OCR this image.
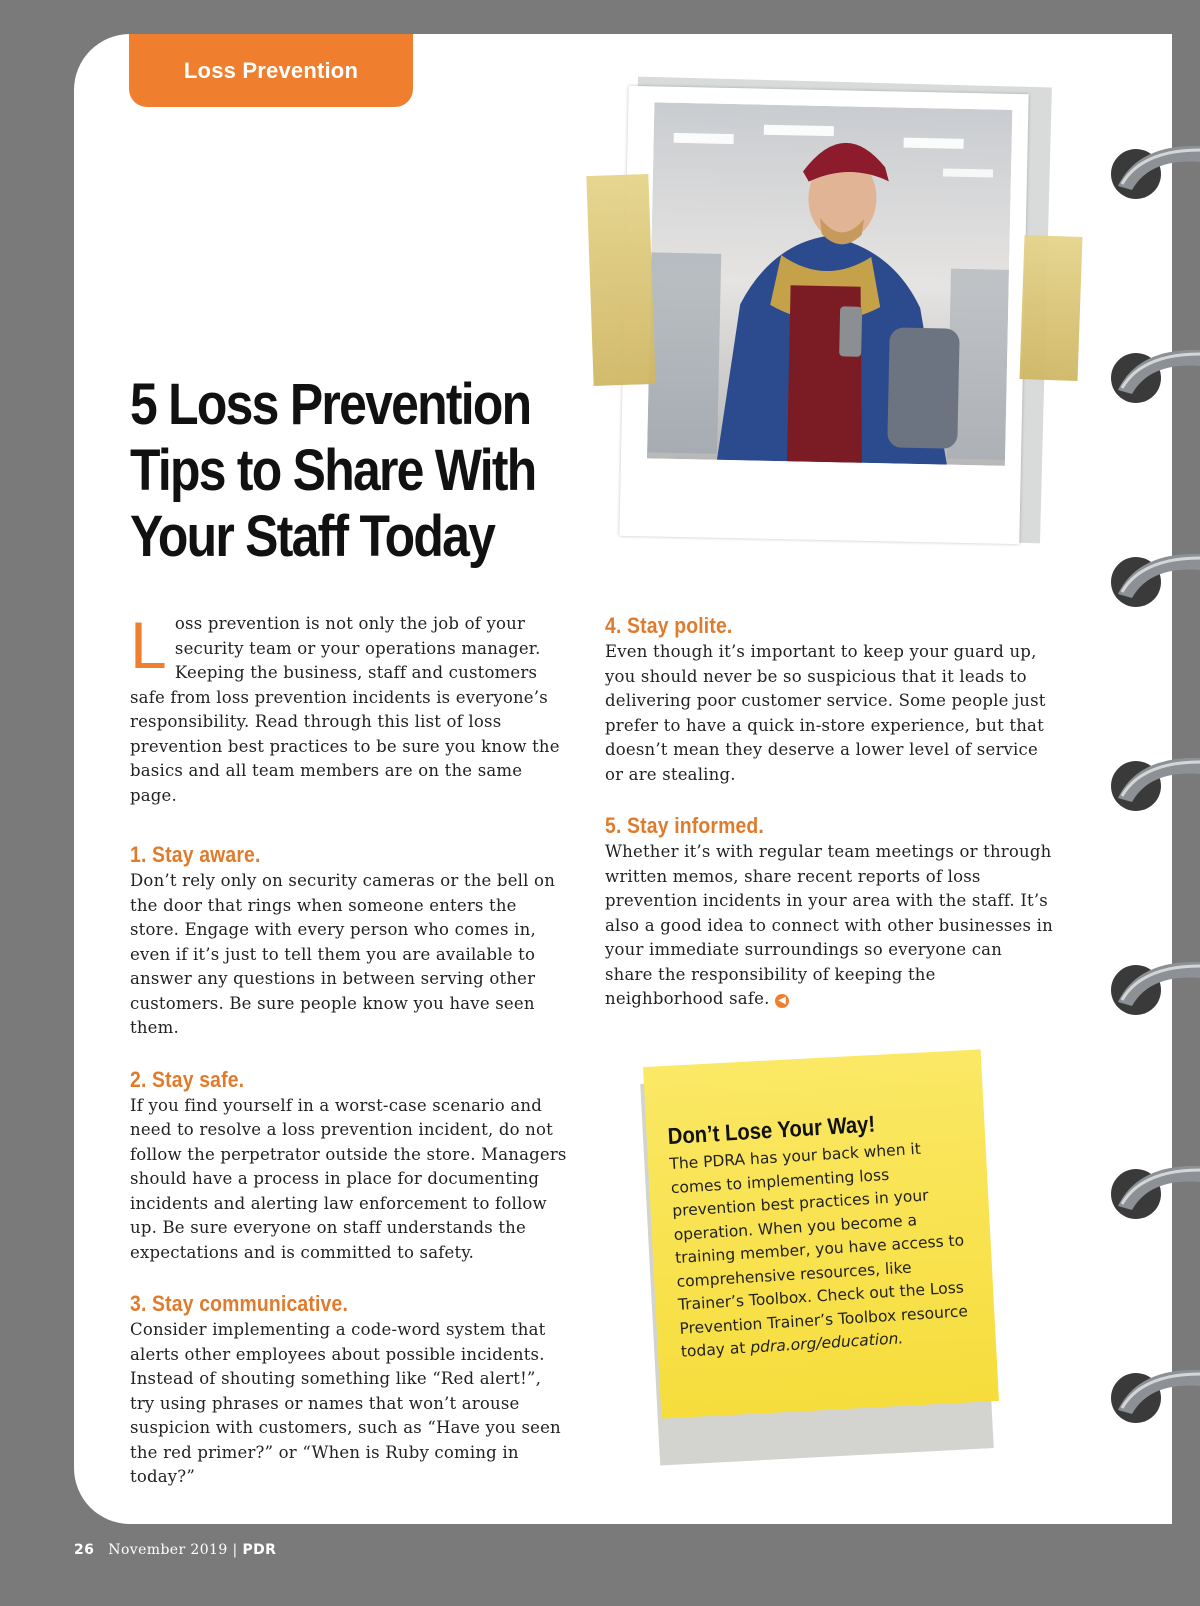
Loss Prevention
5 Loss Prevention Tips to Share With Your Staff Today

Loss prevention is not only the job of your security team or your operations manager. Keeping the business, staff and customers safe from loss prevention incidents is everyone’s responsibility. Read through this list of loss prevention best practices to be sure you know the basics and all team members are on the same page.

1. Stay aware.

Don’t rely only on security cameras or the bell on the door that rings when someone enters the store. Engage with every person who comes in, even if it’s just to tell them you are available to answer any questions in between serving other customers. Be sure people know you have seen them.

2. Stay safe.

If you find yourself in a worst-case scenario and need to resolve a loss prevention incident, do not follow the perpetrator outside the store. Managers should have a process in place for documenting incidents and alerting law enforcement to follow up. Be sure everyone on staff understands the expectations and is committed to safety.

3. Stay communicative.

Consider implementing a code-word system that alerts other employees about possible incidents. Instead of shouting something like “Red alert!”, try using phrases or names that won’t arouse suspicion with customers, such as “Have you seen the red primer?” or “When is Ruby coming in today?”

4. Stay polite.

Even though it’s important to keep your guard up, you should never be so suspicious that it leads to delivering poor customer service. Some people just prefer to have a quick in-store experience, but that doesn’t mean they deserve a lower level of service or are stealing.

5. Stay informed.

Whether it’s with regular team meetings or through written memos, share recent reports of loss prevention incidents in your area with the staff. It’s also a good idea to connect with other businesses in your immediate surroundings so everyone can share the responsibility of keeping the neighborhood safe. ◀

Don’t Lose Your Way!

The PDRA has your back when it comes to implementing loss prevention best practices in your operation. When you become a training member, you have access to comprehensive resources, like Trainer’s Toolbox. Check out the Loss Prevention Trainer’s Toolbox resource today at pdra.org/education.

26 November 2019 | PDR
